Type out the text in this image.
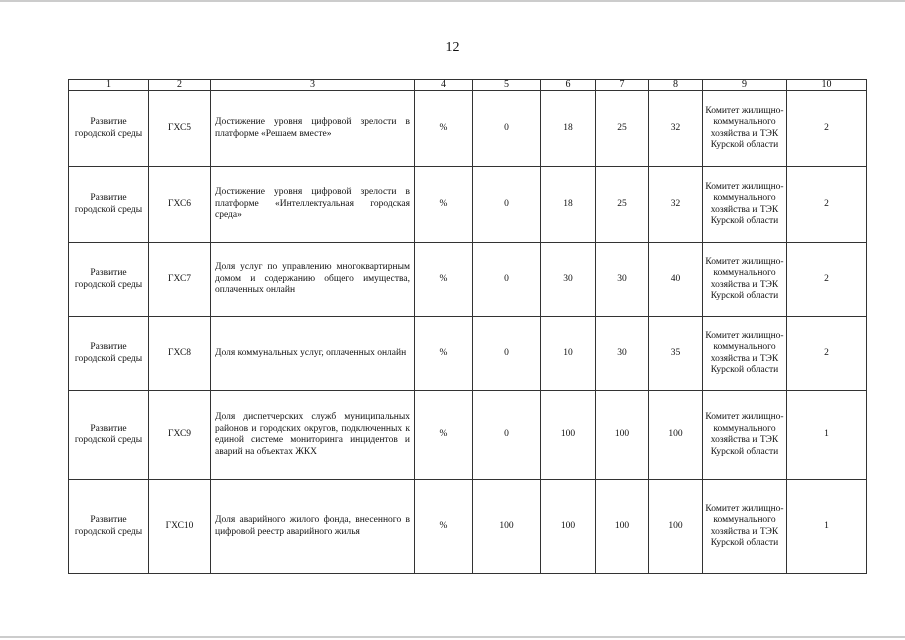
12
1	2	3	4	5	6	7	8	9	10
Развитие городской среды	ГХС5	Достижение уровня цифровой зрелости в платформе «Решаем вместе»	%	0	18	25	32	Комитет жилищно-коммунального хозяйства и ТЭК Курской области	2
Развитие городской среды	ГХС6	Достижение уровня цифровой зрелости в платформе «Интеллектуальная городская среда»	%	0	18	25	32	Комитет жилищно-коммунального хозяйства и ТЭК Курской области	2
Развитие городской среды	ГХС7	Доля услуг по управлению многоквартирным домом и содержанию общего имущества, оплаченных онлайн	%	0	30	30	40	Комитет жилищно-коммунального хозяйства и ТЭК Курской области	2
Развитие городской среды	ГХС8	Доля коммунальных услуг, оплаченных онлайн	%	0	10	30	35	Комитет жилищно-коммунального хозяйства и ТЭК Курской области	2
Развитие городской среды	ГХС9	Доля диспетчерских служб муниципальных районов и городских округов, подключенных к единой системе мониторинга инцидентов и аварий на объектах ЖКХ	%	0	100	100	100	Комитет жилищно-коммунального хозяйства и ТЭК Курской области	1
Развитие городской среды	ГХС10	Доля аварийного жилого фонда, внесенного в цифровой реестр аварийного жилья	%	100	100	100	100	Комитет жилищно-коммунального хозяйства и ТЭК Курской области	1
